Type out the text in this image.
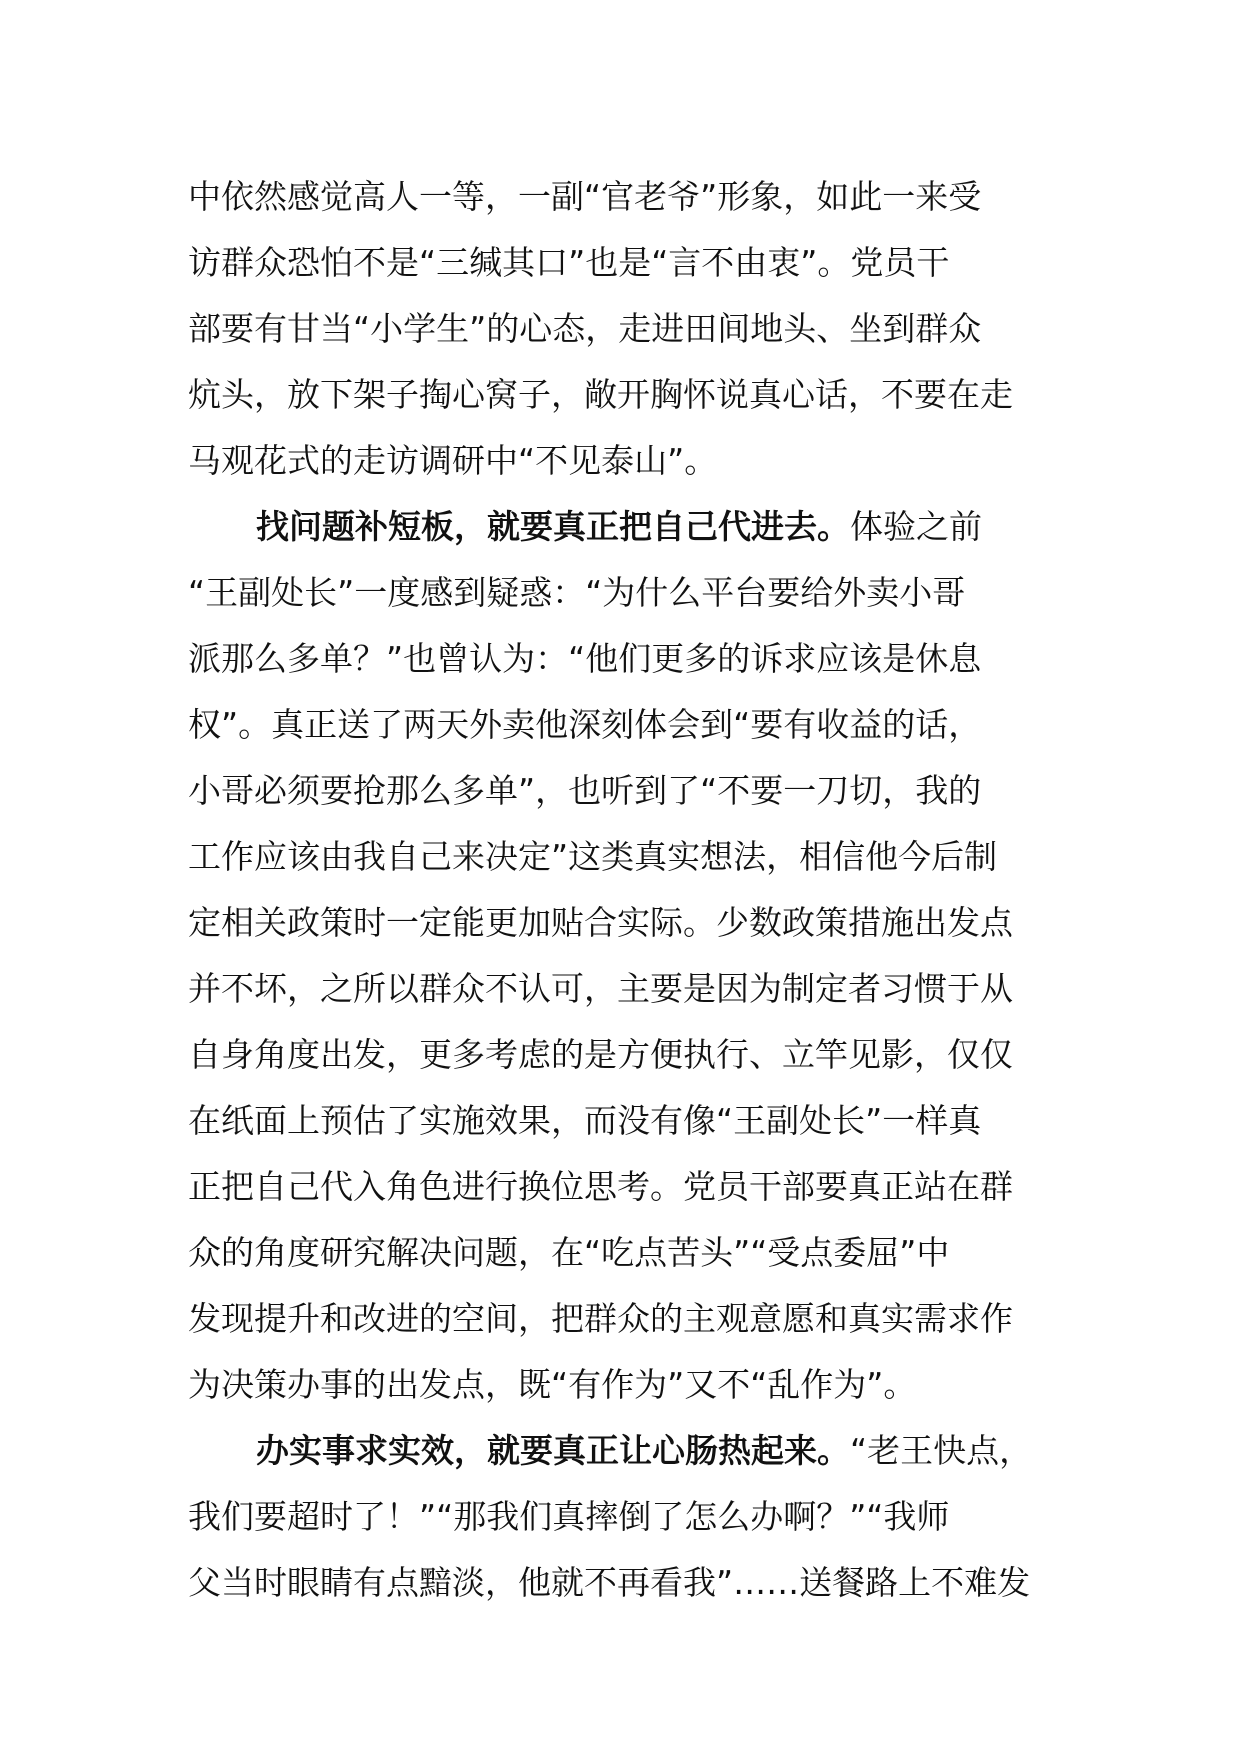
中依然感觉高人一等，一副“官老爷”形象，如此一来受
访群众恐怕不是“三缄其口”也是“言不由衷”。党员干
部要有甘当“小学生”的心态，走进田间地头、坐到群众
炕头，放下架子掏心窝子，敞开胸怀说真心话，不要在走
马观花式的走访调研中“不见泰山”。
找问题补短板，就要真正把自己代进去。体验之前
“王副处长”一度感到疑惑：“为什么平台要给外卖小哥
派那么多单？”也曾认为：“他们更多的诉求应该是休息
权”。真正送了两天外卖他深刻体会到“要有收益的话，
小哥必须要抢那么多单”，也听到了“不要一刀切，我的
工作应该由我自己来决定”这类真实想法，相信他今后制
定相关政策时一定能更加贴合实际。少数政策措施出发点
并不坏，之所以群众不认可，主要是因为制定者习惯于从
自身角度出发，更多考虑的是方便执行、立竿见影，仅仅
在纸面上预估了实施效果，而没有像“王副处长”一样真
正把自己代入角色进行换位思考。党员干部要真正站在群
众的角度研究解决问题，在“吃点苦头”“受点委屈”中
发现提升和改进的空间，把群众的主观意愿和真实需求作
为决策办事的出发点，既“有作为”又不“乱作为”。
办实事求实效，就要真正让心肠热起来。“老王快点，
我们要超时了！”“那我们真摔倒了怎么办啊？”“我师
父当时眼睛有点黯淡，他就不再看我”……送餐路上不难发
